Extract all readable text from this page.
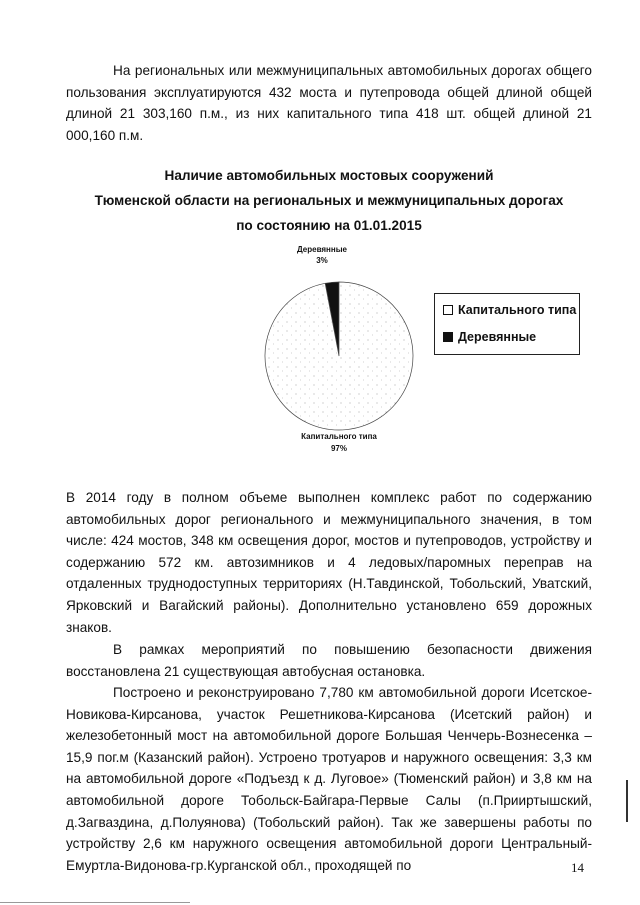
На региональных или межмуниципальных автомобильных дорогах общего пользования эксплуатируются 432 моста и путепровода общей длиной общей длиной 21 303,160 п.м., из них капитального типа 418 шт. общей длиной 21 000,160 п.м.

Наличие автомобильных мостовых сооружений
Тюменской области на региональных и межмуниципальных дорогах
по состоянию на 01.01.2015
Деревянные
3%
Капитального типа
97%
Капитального типа
Деревянные

В 2014 году в полном объеме выполнен комплекс работ по содержанию автомобильных дорог регионального и межмуниципального значения, в том числе: 424 мостов, 348 км освещения дорог, мостов и путепроводов, устройству и содержанию 572 км. автозимников и 4 ледовых/паромных переправ на отдаленных труднодоступных территориях (Н.Тавдинской, Тобольский, Уватский, Ярковский и Вагайский районы). Дополнительно установлено 659 дорожных знаков.

В рамках мероприятий по повышению безопасности движения восстановлена 21 существующая автобусная остановка.

Построено и реконструировано 7,780 км автомобильной дороги Исетское-Новикова-Кирсанова, участок Решетникова-Кирсанова (Исетский район) и железобетонный мост на автомобильной дороге Большая Ченчерь-Вознесенка – 15,9 пог.м (Казанский район). Устроено тротуаров и наружного освещения: 3,3 км на автомобильной дороге «Подъезд к д. Луговое» (Тюменский район) и 3,8 км на автомобильной дороге Тобольск-Байгара-Первые Салы (п.Прииртышский, д.Загваздина, д.Полуянова) (Тобольский район). Так же завершены работы по устройству 2,6 км наружного освещения автомобильной дороги Центральный-Емуртла-Видонова-гр.Курганской обл., проходящей по	14
